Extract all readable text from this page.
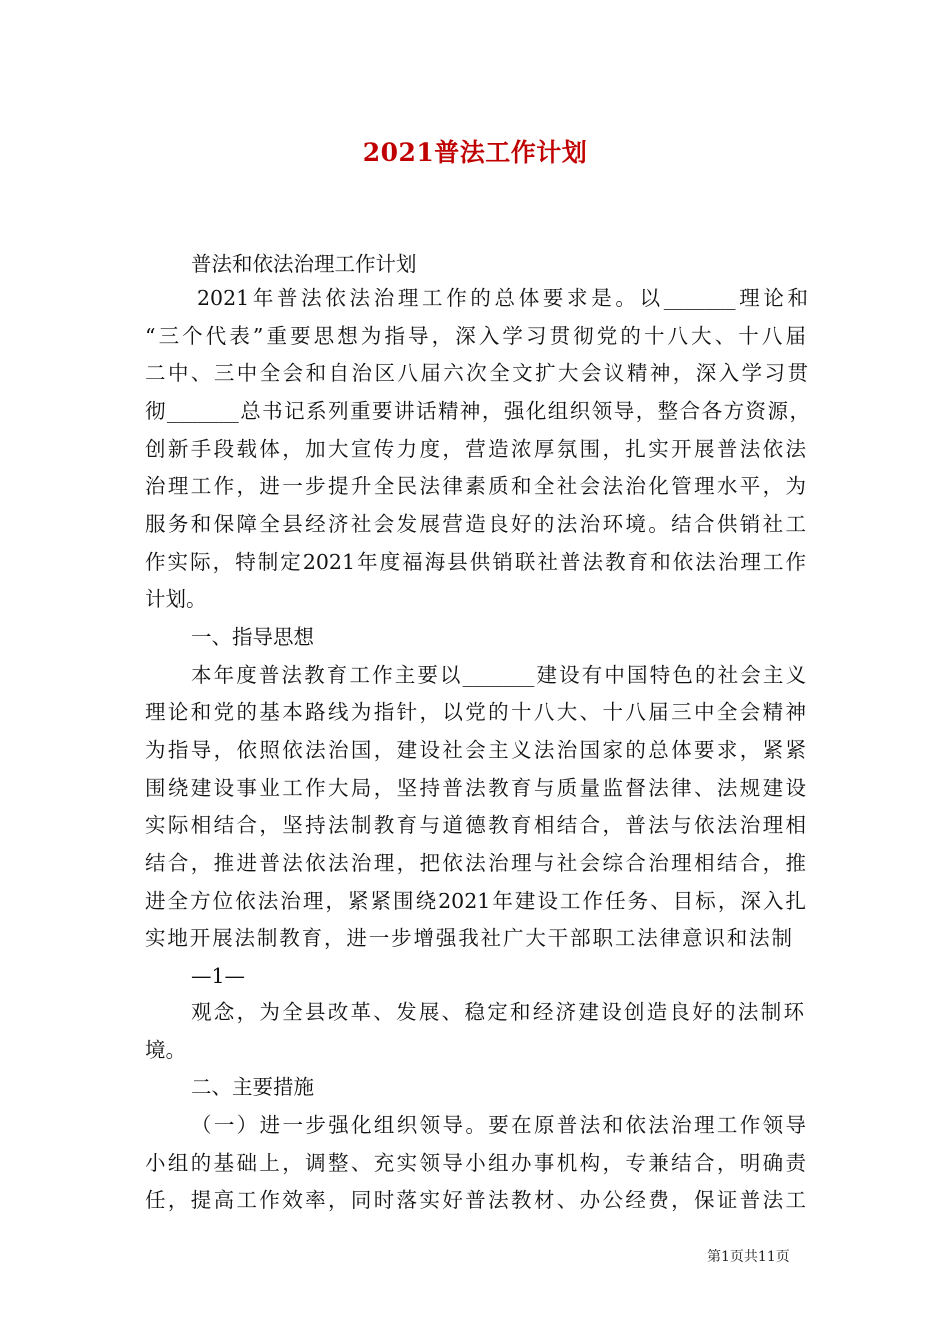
2021普法工作计划
普法和依法治理工作计划
2021年普法依法治理工作的总体要求是。以_______理论和
“三个代表”重要思想为指导，深入学习贯彻党的十八大、十八届
二中、三中全会和自治区八届六次全文扩大会议精神，深入学习贯
彻_______总书记系列重要讲话精神，强化组织领导，整合各方资源，
创新手段载体，加大宣传力度，营造浓厚氛围，扎实开展普法依法
治理工作，进一步提升全民法律素质和全社会法治化管理水平，为
服务和保障全县经济社会发展营造良好的法治环境。结合供销社工
作实际，特制定2021年度福海县供销联社普法教育和依法治理工作
计划。
一、指导思想
本年度普法教育工作主要以_______建设有中国特色的社会主义
理论和党的基本路线为指针，以党的十八大、十八届三中全会精神
为指导，依照依法治国，建设社会主义法治国家的总体要求，紧紧
围绕建设事业工作大局，坚持普法教育与质量监督法律、法规建设
实际相结合，坚持法制教育与道德教育相结合，普法与依法治理相
结合，推进普法依法治理，把依法治理与社会综合治理相结合，推
进全方位依法治理，紧紧围绕2021年建设工作任务、目标，深入扎
实地开展法制教育，进一步增强我社广大干部职工法律意识和法制
—1—
观念，为全县改革、发展、稳定和经济建设创造良好的法制环
境。
二、主要措施
（一）进一步强化组织领导。要在原普法和依法治理工作领导
小组的基础上，调整、充实领导小组办事机构，专兼结合，明确责
任，提高工作效率，同时落实好普法教材、办公经费，保证普法工
第1页共11页
